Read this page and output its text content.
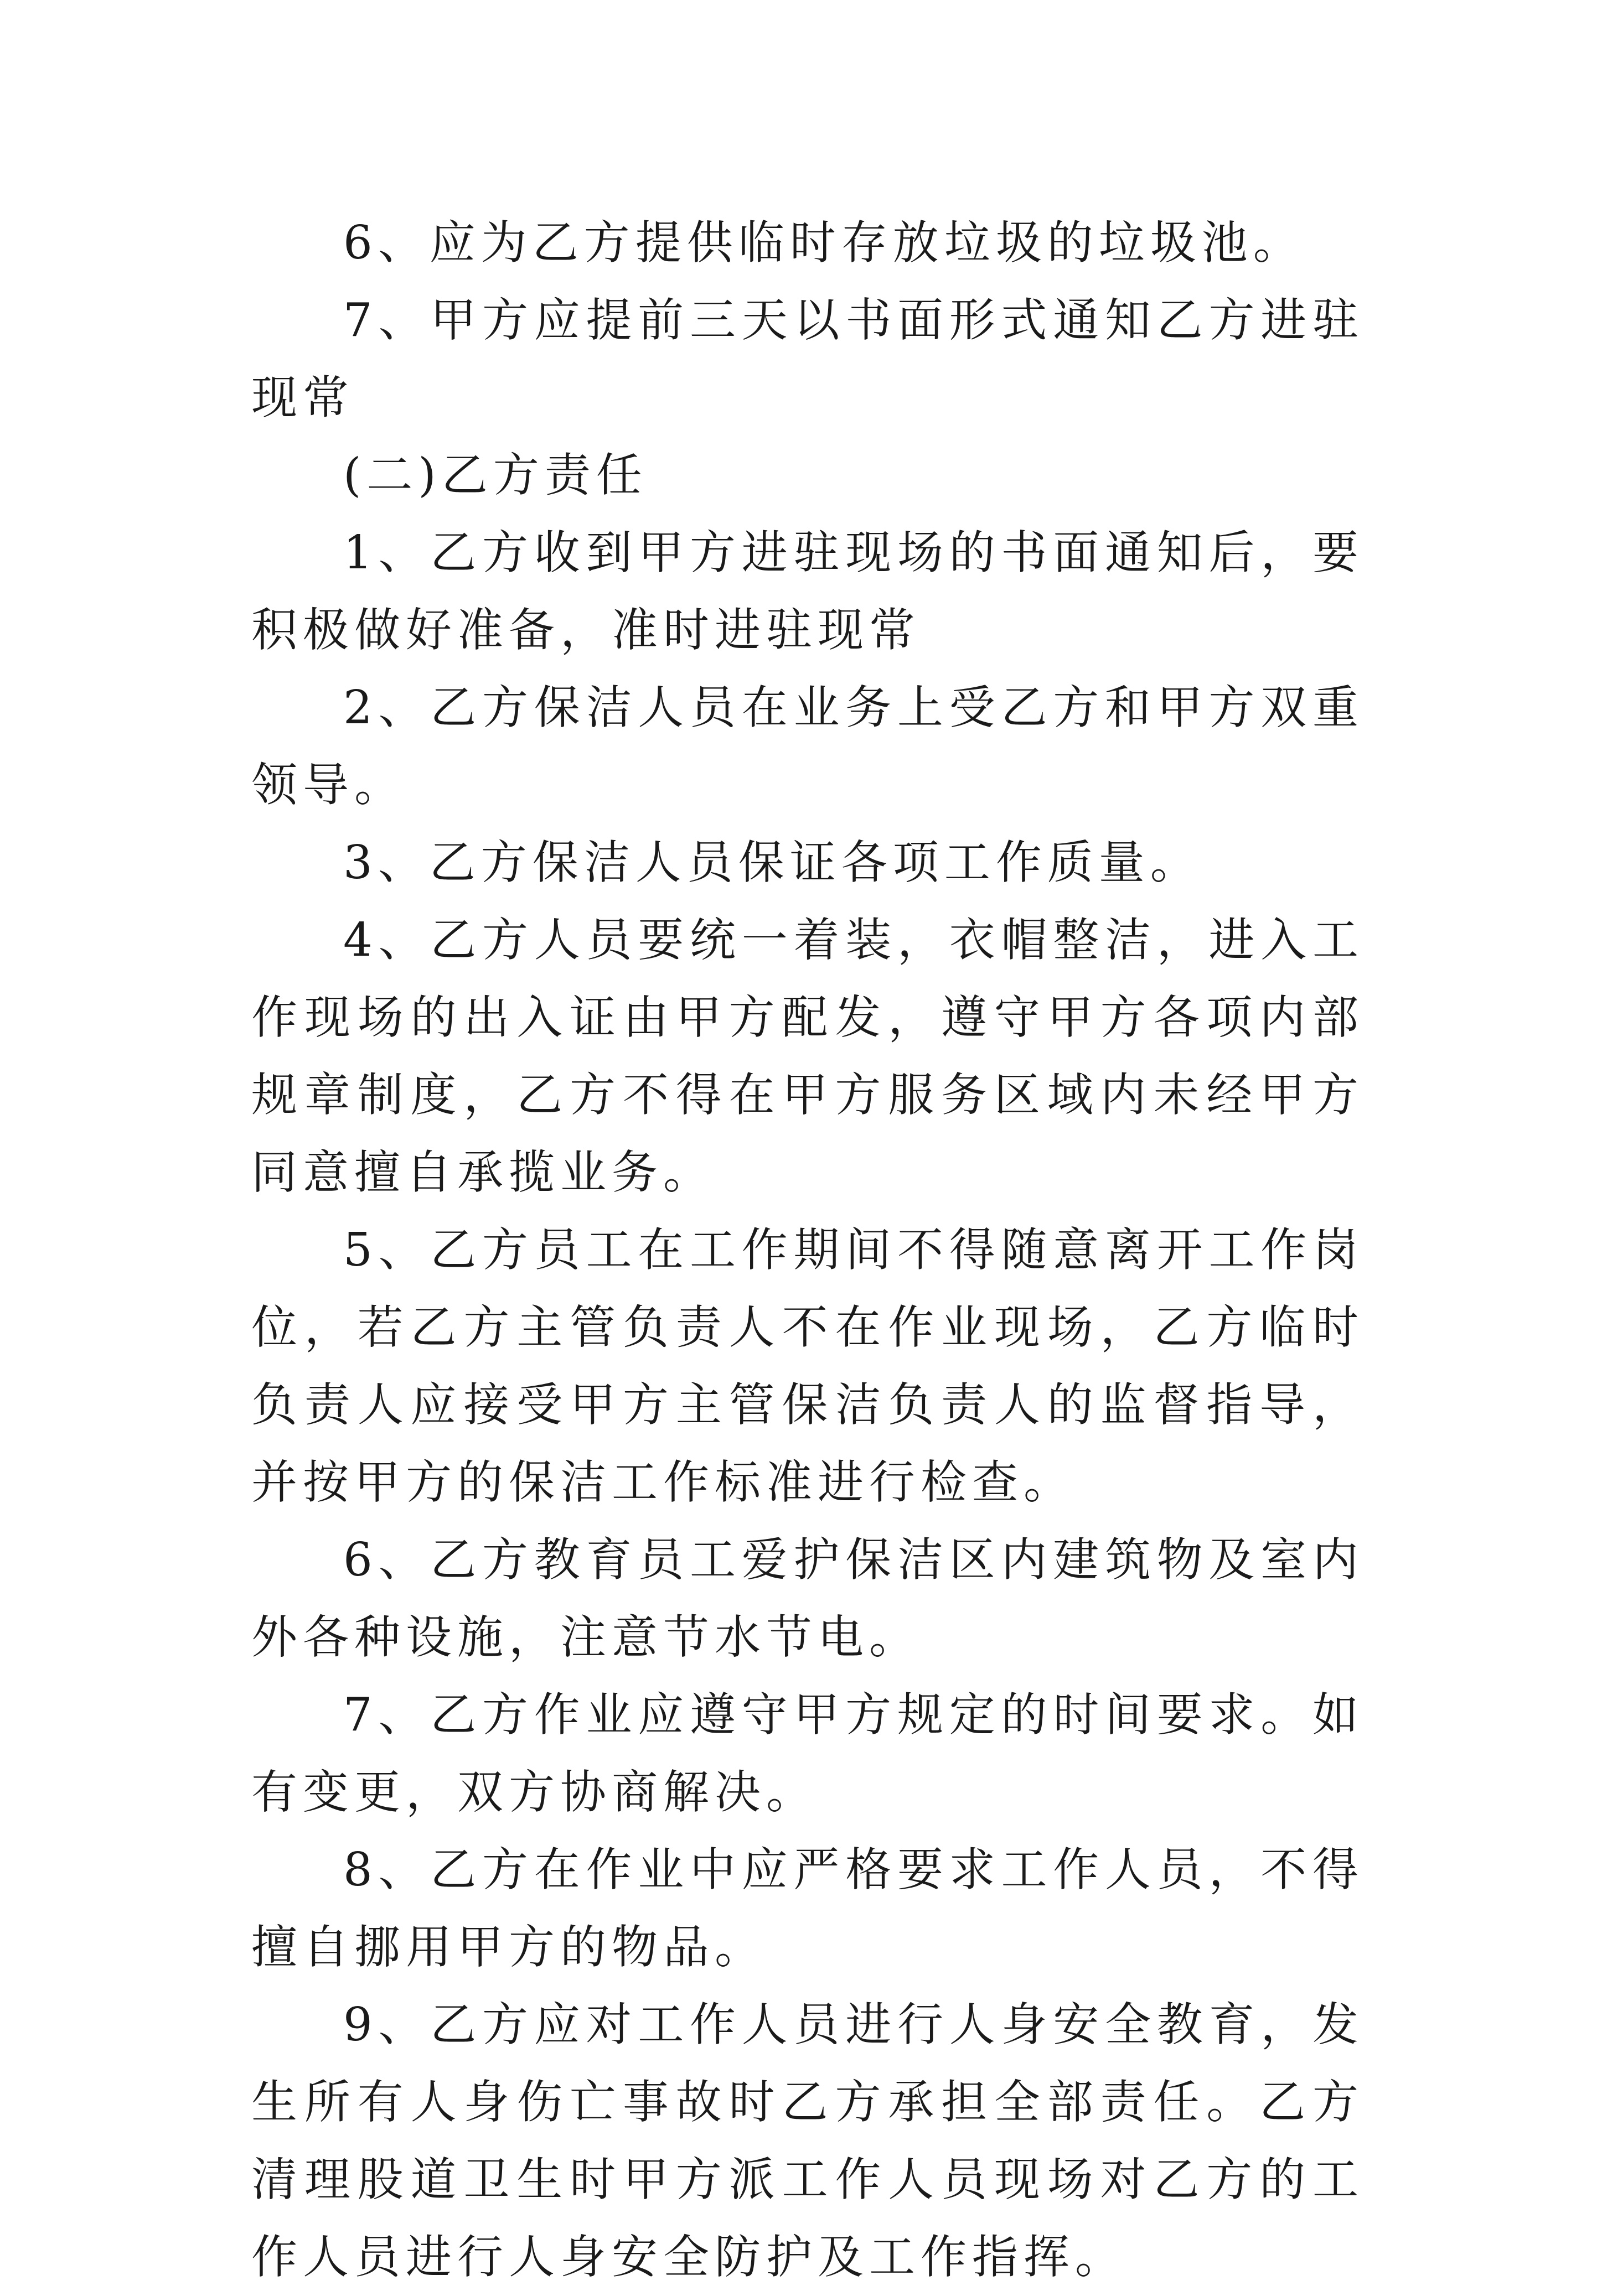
6、应为乙方提供临时存放垃圾的垃圾池。

7、甲方应提前三天以书面形式通知乙方进驻现常

(二)乙方责任

1、乙方收到甲方进驻现场的书面通知后，要积极做好准备，准时进驻现常

2、乙方保洁人员在业务上受乙方和甲方双重领导。

3、乙方保洁人员保证各项工作质量。

4、乙方人员要统一着装，衣帽整洁，进入工作现场的出入证由甲方配发，遵守甲方各项内部规章制度，乙方不得在甲方服务区域内未经甲方同意擅自承揽业务。

5、乙方员工在工作期间不得随意离开工作岗位，若乙方主管负责人不在作业现场，乙方临时负责人应接受甲方主管保洁负责人的监督指导，并按甲方的保洁工作标准进行检查。

6、乙方教育员工爱护保洁区内建筑物及室内外各种设施，注意节水节电。

7、乙方作业应遵守甲方规定的时间要求。如有变更，双方协商解决。

8、乙方在作业中应严格要求工作人员，不得擅自挪用甲方的物品。

9、乙方应对工作人员进行人身安全教育，发生所有人身伤亡事故时乙方承担全部责任。乙方清理股道卫生时甲方派工作人员现场对乙方的工作人员进行人身安全防护及工作指挥。
